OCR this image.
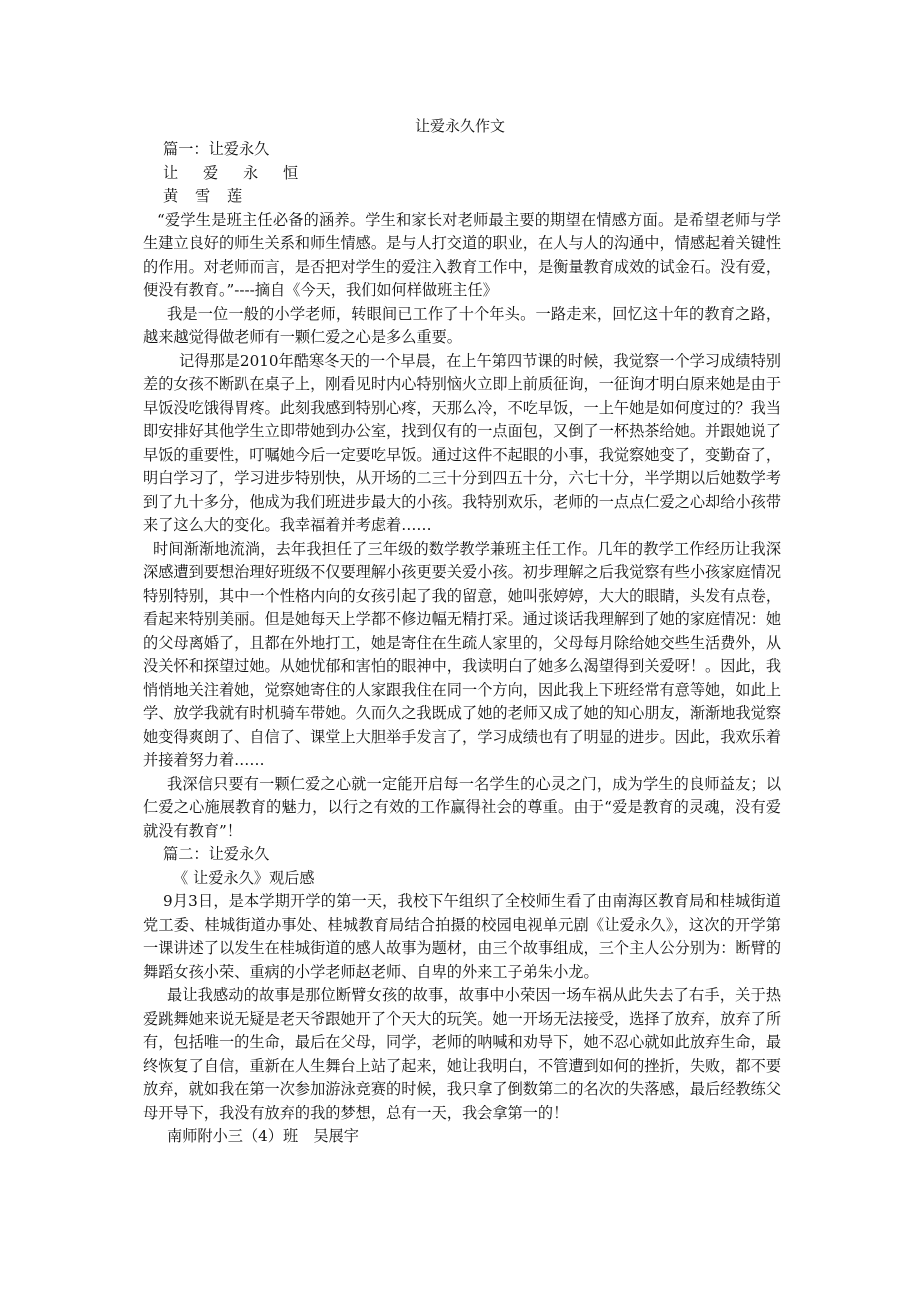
让爱永久作文

篇一：让爱永久

让 爱 永 恒

黄 雪 莲

“爱学生是班主任必备的涵养。学生和家长对老师最主要的期望在情感方面。是希望老师与学生建立良好的师生关系和师生情感。是与人打交道的职业，在人与人的沟通中，情感起着关键性的作用。对老师而言，是否把对学生的爱注入教育工作中，是衡量教育成效的试金石。没有爱，便没有教育。”----摘自《今天，我们如何样做班主任》

我是一位一般的小学老师，转眼间已工作了十个年头。一路走来，回忆这十年的教育之路，越来越觉得做老师有一颗仁爱之心是多么重要。

记得那是2010年酷寒冬天的一个早晨，在上午第四节课的时候，我觉察一个学习成绩特别差的女孩不断趴在桌子上，刚看见时内心特别恼火立即上前质征询，一征询才明白原来她是由于早饭没吃饿得胃疼。此刻我感到特别心疼，天那么冷，不吃早饭，一上午她是如何度过的？我当即安排好其他学生立即带她到办公室，找到仅有的一点面包，又倒了一杯热茶给她。并跟她说了早饭的重要性，叮嘱她今后一定要吃早饭。通过这件不起眼的小事，我觉察她变了，变勤奋了，明白学习了，学习进步特别快，从开场的二三十分到四五十分，六七十分，半学期以后她数学考到了九十多分，他成为我们班进步最大的小孩。我特别欢乐，老师的一点点仁爱之心却给小孩带来了这么大的变化。我幸福着并考虑着……

时间渐渐地流淌，去年我担任了三年级的数学教学兼班主任工作。几年的教学工作经历让我深深感遭到要想治理好班级不仅要理解小孩更要关爱小孩。初步理解之后我觉察有些小孩家庭情况特别特别，其中一个性格内向的女孩引起了我的留意，她叫张婷婷，大大的眼睛，头发有点卷，看起来特别美丽。但是她每天上学都不修边幅无精打采。通过谈话我理解到了她的家庭情况：她的父母离婚了，且都在外地打工，她是寄住在生疏人家里的，父母每月除给她交些生活费外，从没关怀和探望过她。从她忧郁和害怕的眼神中，我读明白了她多么渴望得到关爱呀！。因此，我悄悄地关注着她，觉察她寄住的人家跟我住在同一个方向，因此我上下班经常有意等她，如此上学、放学我就有时机骑车带她。久而久之我既成了她的老师又成了她的知心朋友，渐渐地我觉察她变得爽朗了、自信了、课堂上大胆举手发言了，学习成绩也有了明显的进步。因此，我欢乐着并接着努力着……

我深信只要有一颗仁爱之心就一定能开启每一名学生的心灵之门，成为学生的良师益友；以仁爱之心施展教育的魅力，以行之有效的工作赢得社会的尊重。由于“爱是教育的灵魂，没有爱就没有教育”！

篇二：让爱永久

《 让爱永久》观后感

9月3日，是本学期开学的第一天，我校下午组织了全校师生看了由南海区教育局和桂城街道党工委、桂城街道办事处、桂城教育局结合拍摄的校园电视单元剧《让爱永久》，这次的开学第一课讲述了以发生在桂城街道的感人故事为题材，由三个故事组成，三个主人公分别为：断臂的舞蹈女孩小荣、重病的小学老师赵老师、自卑的外来工子弟朱小龙。

最让我感动的故事是那位断臂女孩的故事，故事中小荣因一场车祸从此失去了右手，关于热爱跳舞她来说无疑是老天爷跟她开了个天大的玩笑。她一开场无法接受，选择了放弃，放弃了所有，包括唯一的生命，最后在父母，同学，老师的呐喊和劝导下，她不忍心就如此放弃生命，最终恢复了自信，重新在人生舞台上站了起来，她让我明白，不管遭到如何的挫折，失败，都不要放弃，就如我在第一次参加游泳竞赛的时候，我只拿了倒数第二的名次的失落感，最后经教练父母开导下，我没有放弃的我的梦想，总有一天，我会拿第一的！

南师附小三（4）班　吴展宇
